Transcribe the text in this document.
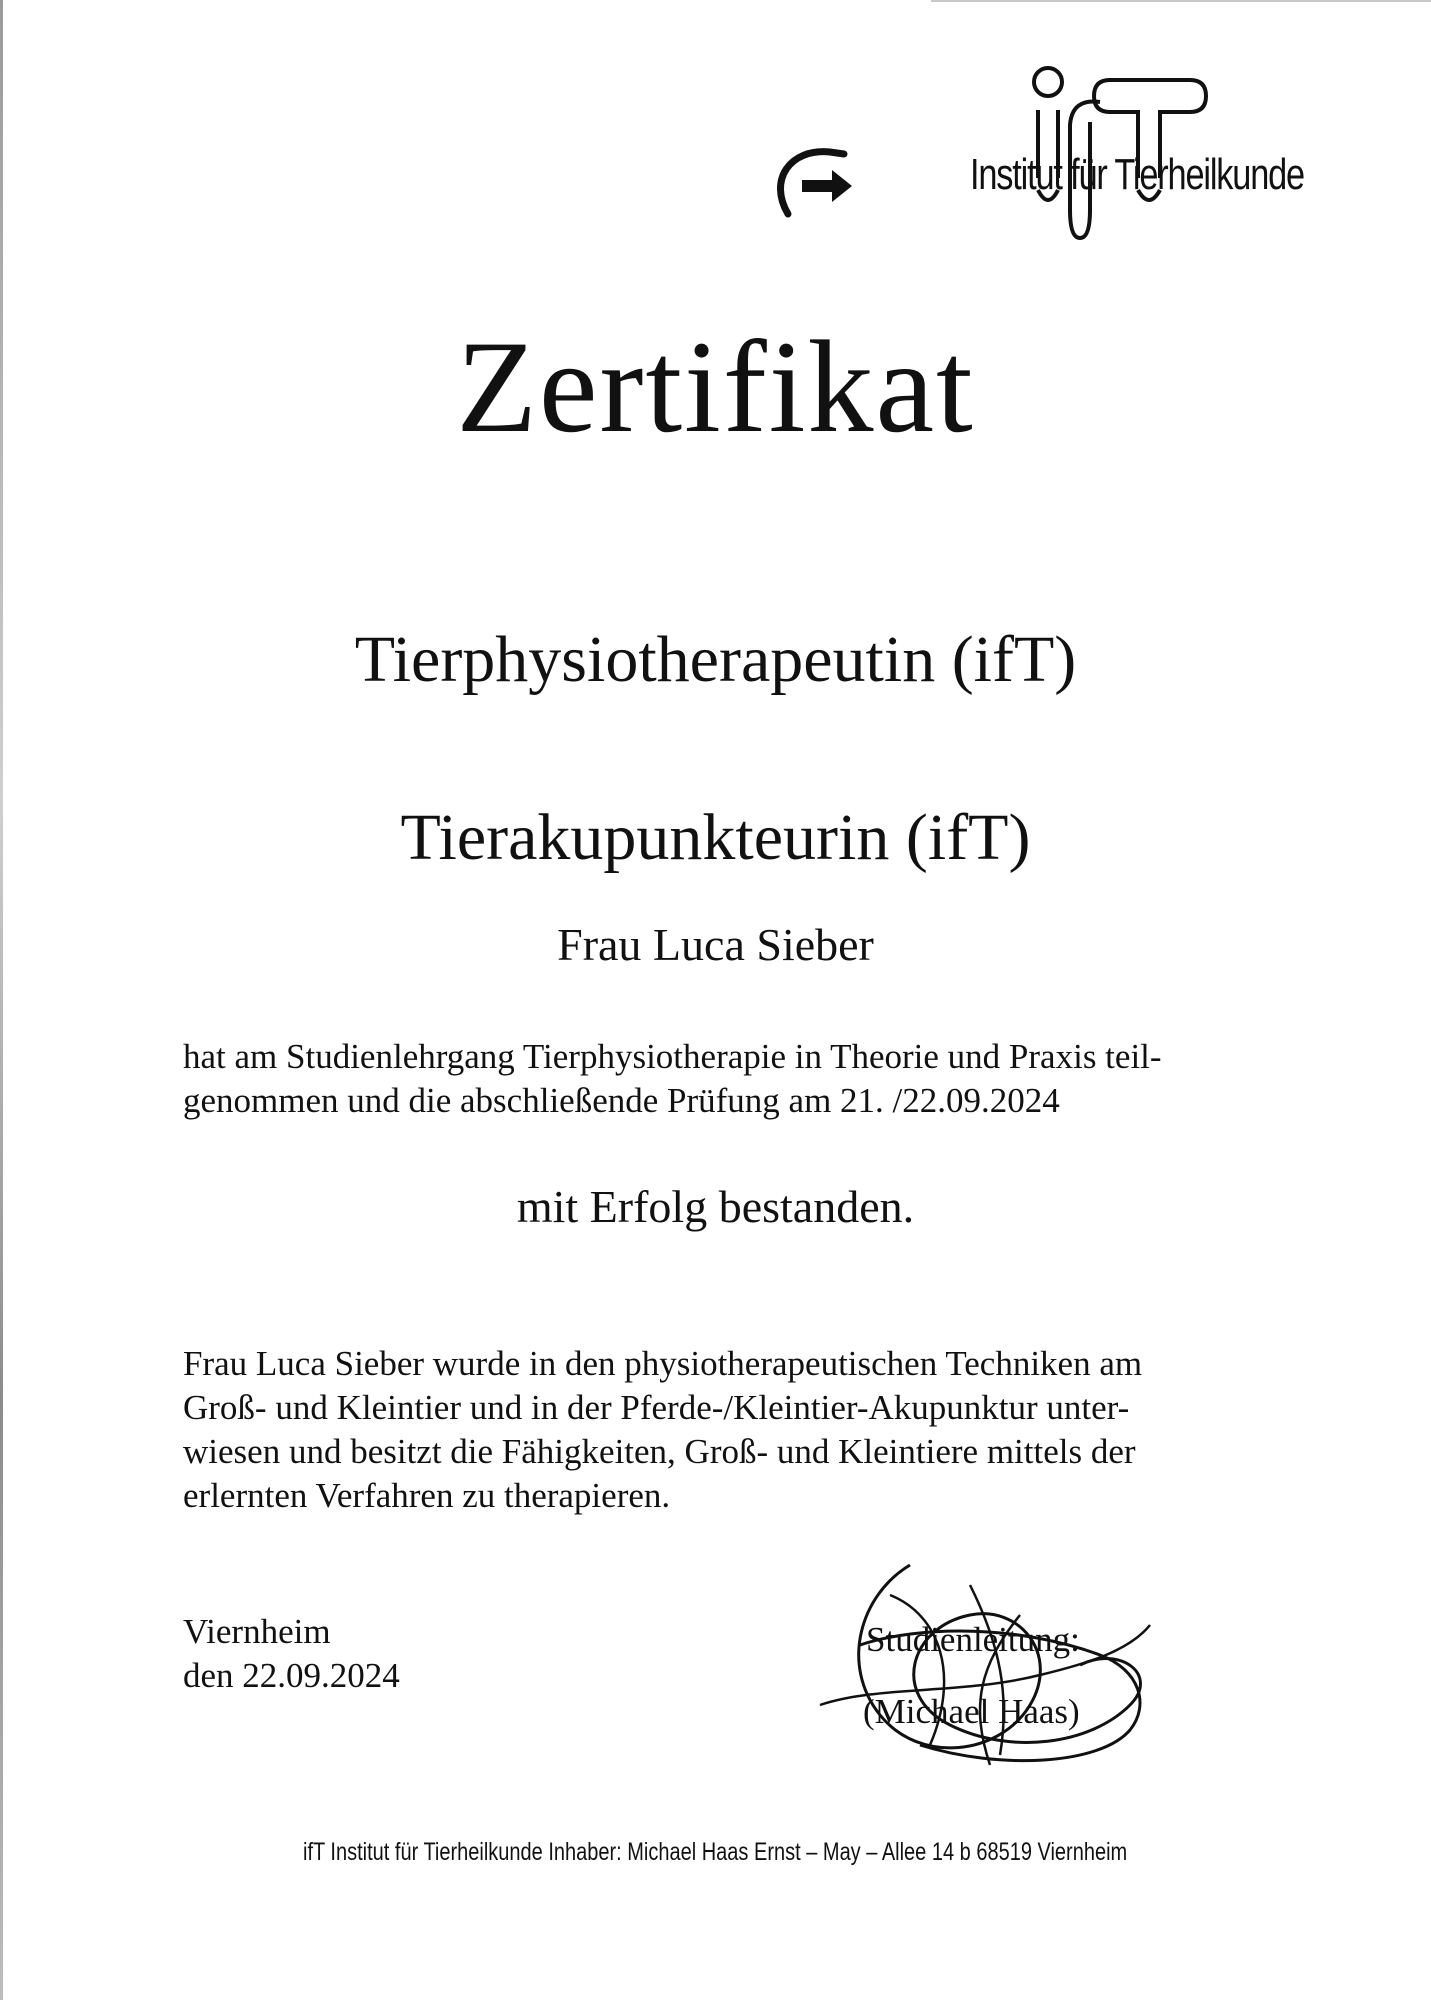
Institut für Tierheilkunde
Zertifikat
Tierphysiotherapeutin (ifT)
Tierakupunkteurin (ifT)
Frau Luca Sieber
hat am Studienlehrgang Tierphysiotherapie in Theorie und Praxis teil-
genommen und die abschließende Prüfung am 21. /22.09.2024
mit Erfolg bestanden.
Frau Luca Sieber wurde in den physiotherapeutischen Techniken am
Groß- und Kleintier und in der Pferde-/Kleintier-Akupunktur unter-
wiesen und besitzt die Fähigkeiten, Groß- und Kleintiere mittels der
erlernten Verfahren zu therapieren.
Viernheim
den 22.09.2024
Studienleitung:
(Michael Haas)
ifT Institut für Tierheilkunde Inhaber: Michael Haas Ernst – May – Allee 14 b 68519 Viernheim
